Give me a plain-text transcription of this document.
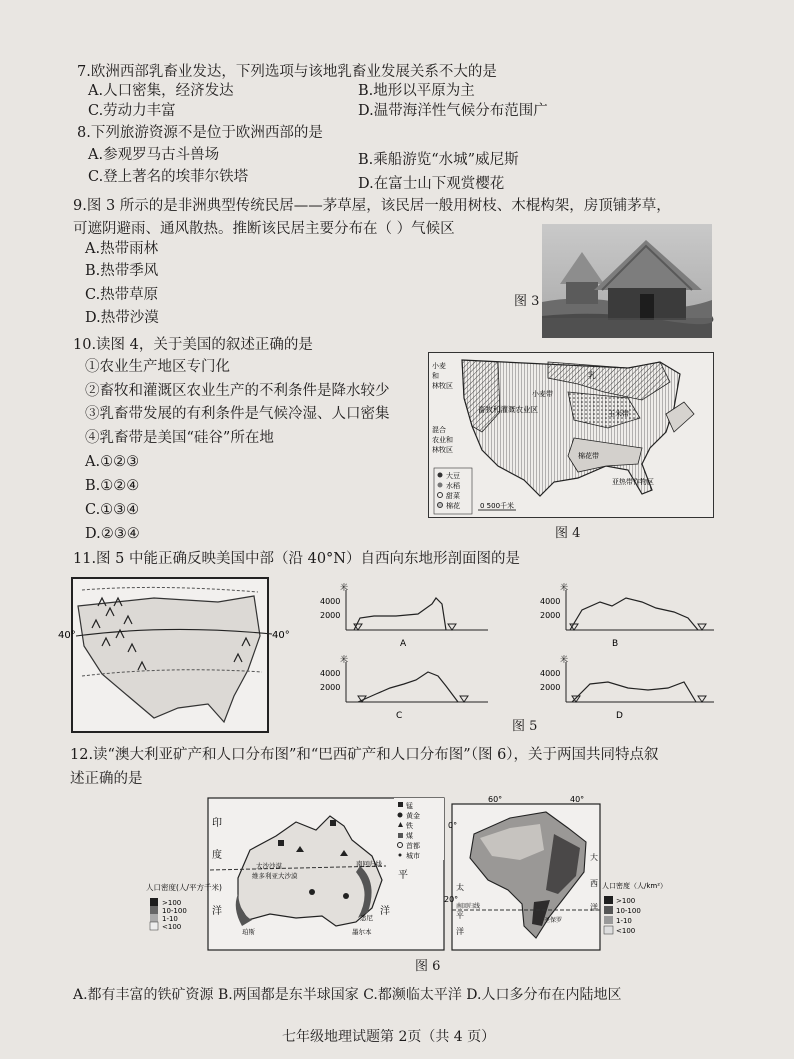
7.欧洲西部乳畜业发达，下列选项与该地乳畜业发展关系不大的是
A.人口密集，经济发达	B.地形以平原为主
C.劳动力丰富	D.温带海洋性气候分布范围广
8.下列旅游资源不是位于欧洲西部的是
A.参观罗马古斗兽场	B.乘船游览“水城”威尼斯
C.登上著名的埃菲尔铁塔	D.在富士山下观赏樱花
9.图 3 所示的是非洲典型传统民居——茅草屋，该民居一般用树枝、木棍构架，房顶铺茅草，
可遮阴避雨、通风散热。推断该民居主要分布在（ ）气候区
A.热带雨林
B.热带季风
C.热带草原
D.热带沙漠
图 3
10.读图 4，关于美国的叙述正确的是
①农业生产地区专门化
②畜牧和灌溉区农业生产的不利条件是降水较少
③乳畜带发展的有利条件是气候冷湿、人口密集
④乳畜带是美国“硅谷”所在地
A.①②③
B.①②④
C.①③④
D.②③④	图 4
小麦
和
林牧区
乳
畜牧和灌溉农业区
混合
农业和
林牧区
玉米带
棉花带
亚热带作物区
小麦带
大豆
水稻
甜菜
棉花	0 500千米
11.图 5 中能正确反映美国中部（沿 40°N）自西向东地形剖面图的是
40°	40°
米
4000
2000
A
米
4000
2000
B
米
4000
2000
C
米
4000
2000
D
图 5
12.读“澳大利亚矿产和人口分布图”和“巴西矿产和人口分布图”（图 6），关于两国共同特点叙
述正确的是
印
度
洋
平
洋
大沙沙漠
维多利亚大沙漠
南回归线
悉尼
墨尔本
珀斯
锰
黄金
铁
煤
首都
城市
人口密度(人/平方千米)
>100
10-100
1-10
<100
60°	40°
0°
20°
太
平
洋
大
西
洋
南回归线
圣保罗
人口密度（人/km²）
>100
10-100
1-10
<100
图 6
A.都有丰富的铁矿资源 B.两国都是东半球国家 C.都濒临太平洋 D.人口多分布在内陆地区
七年级地理试题第 2页（共 4 页）
